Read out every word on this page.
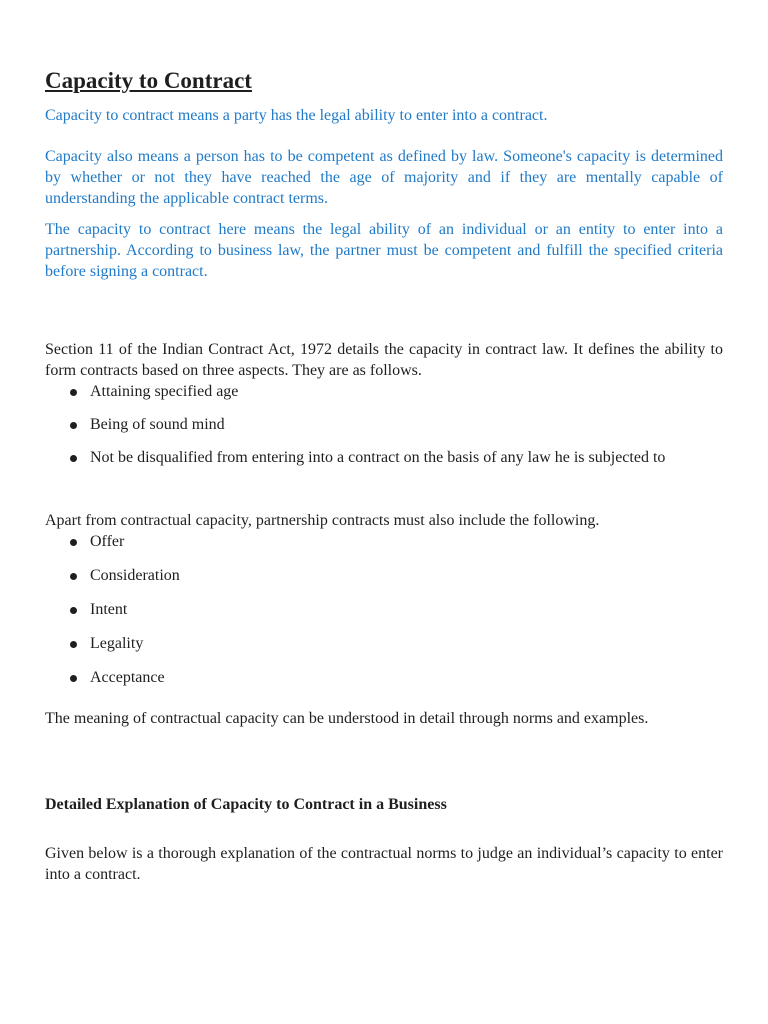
Capacity to Contract

Capacity to contract means a party has the legal ability to enter into a contract.

Capacity also means a person has to be competent as defined by law. Someone's capacity is determined by whether or not they have reached the age of majority and if they are mentally capable of understanding the applicable contract terms.

The capacity to contract here means the legal ability of an individual or an entity to enter into a partnership. According to business law, the partner must be competent and fulfill the specified criteria before signing a contract.

Section 11 of the Indian Contract Act, 1972 details the capacity in contract law. It defines the ability to form contracts based on three aspects. They are as follows.

Attaining specified age
Being of sound mind
Not be disqualified from entering into a contract on the basis of any law he is subjected to

Apart from contractual capacity, partnership contracts must also include the following.

Offer
Consideration
Intent
Legality
Acceptance

The meaning of contractual capacity can be understood in detail through norms and examples.

Detailed Explanation of Capacity to Contract in a Business

Given below is a thorough explanation of the contractual norms to judge an individual’s capacity to enter into a contract.
